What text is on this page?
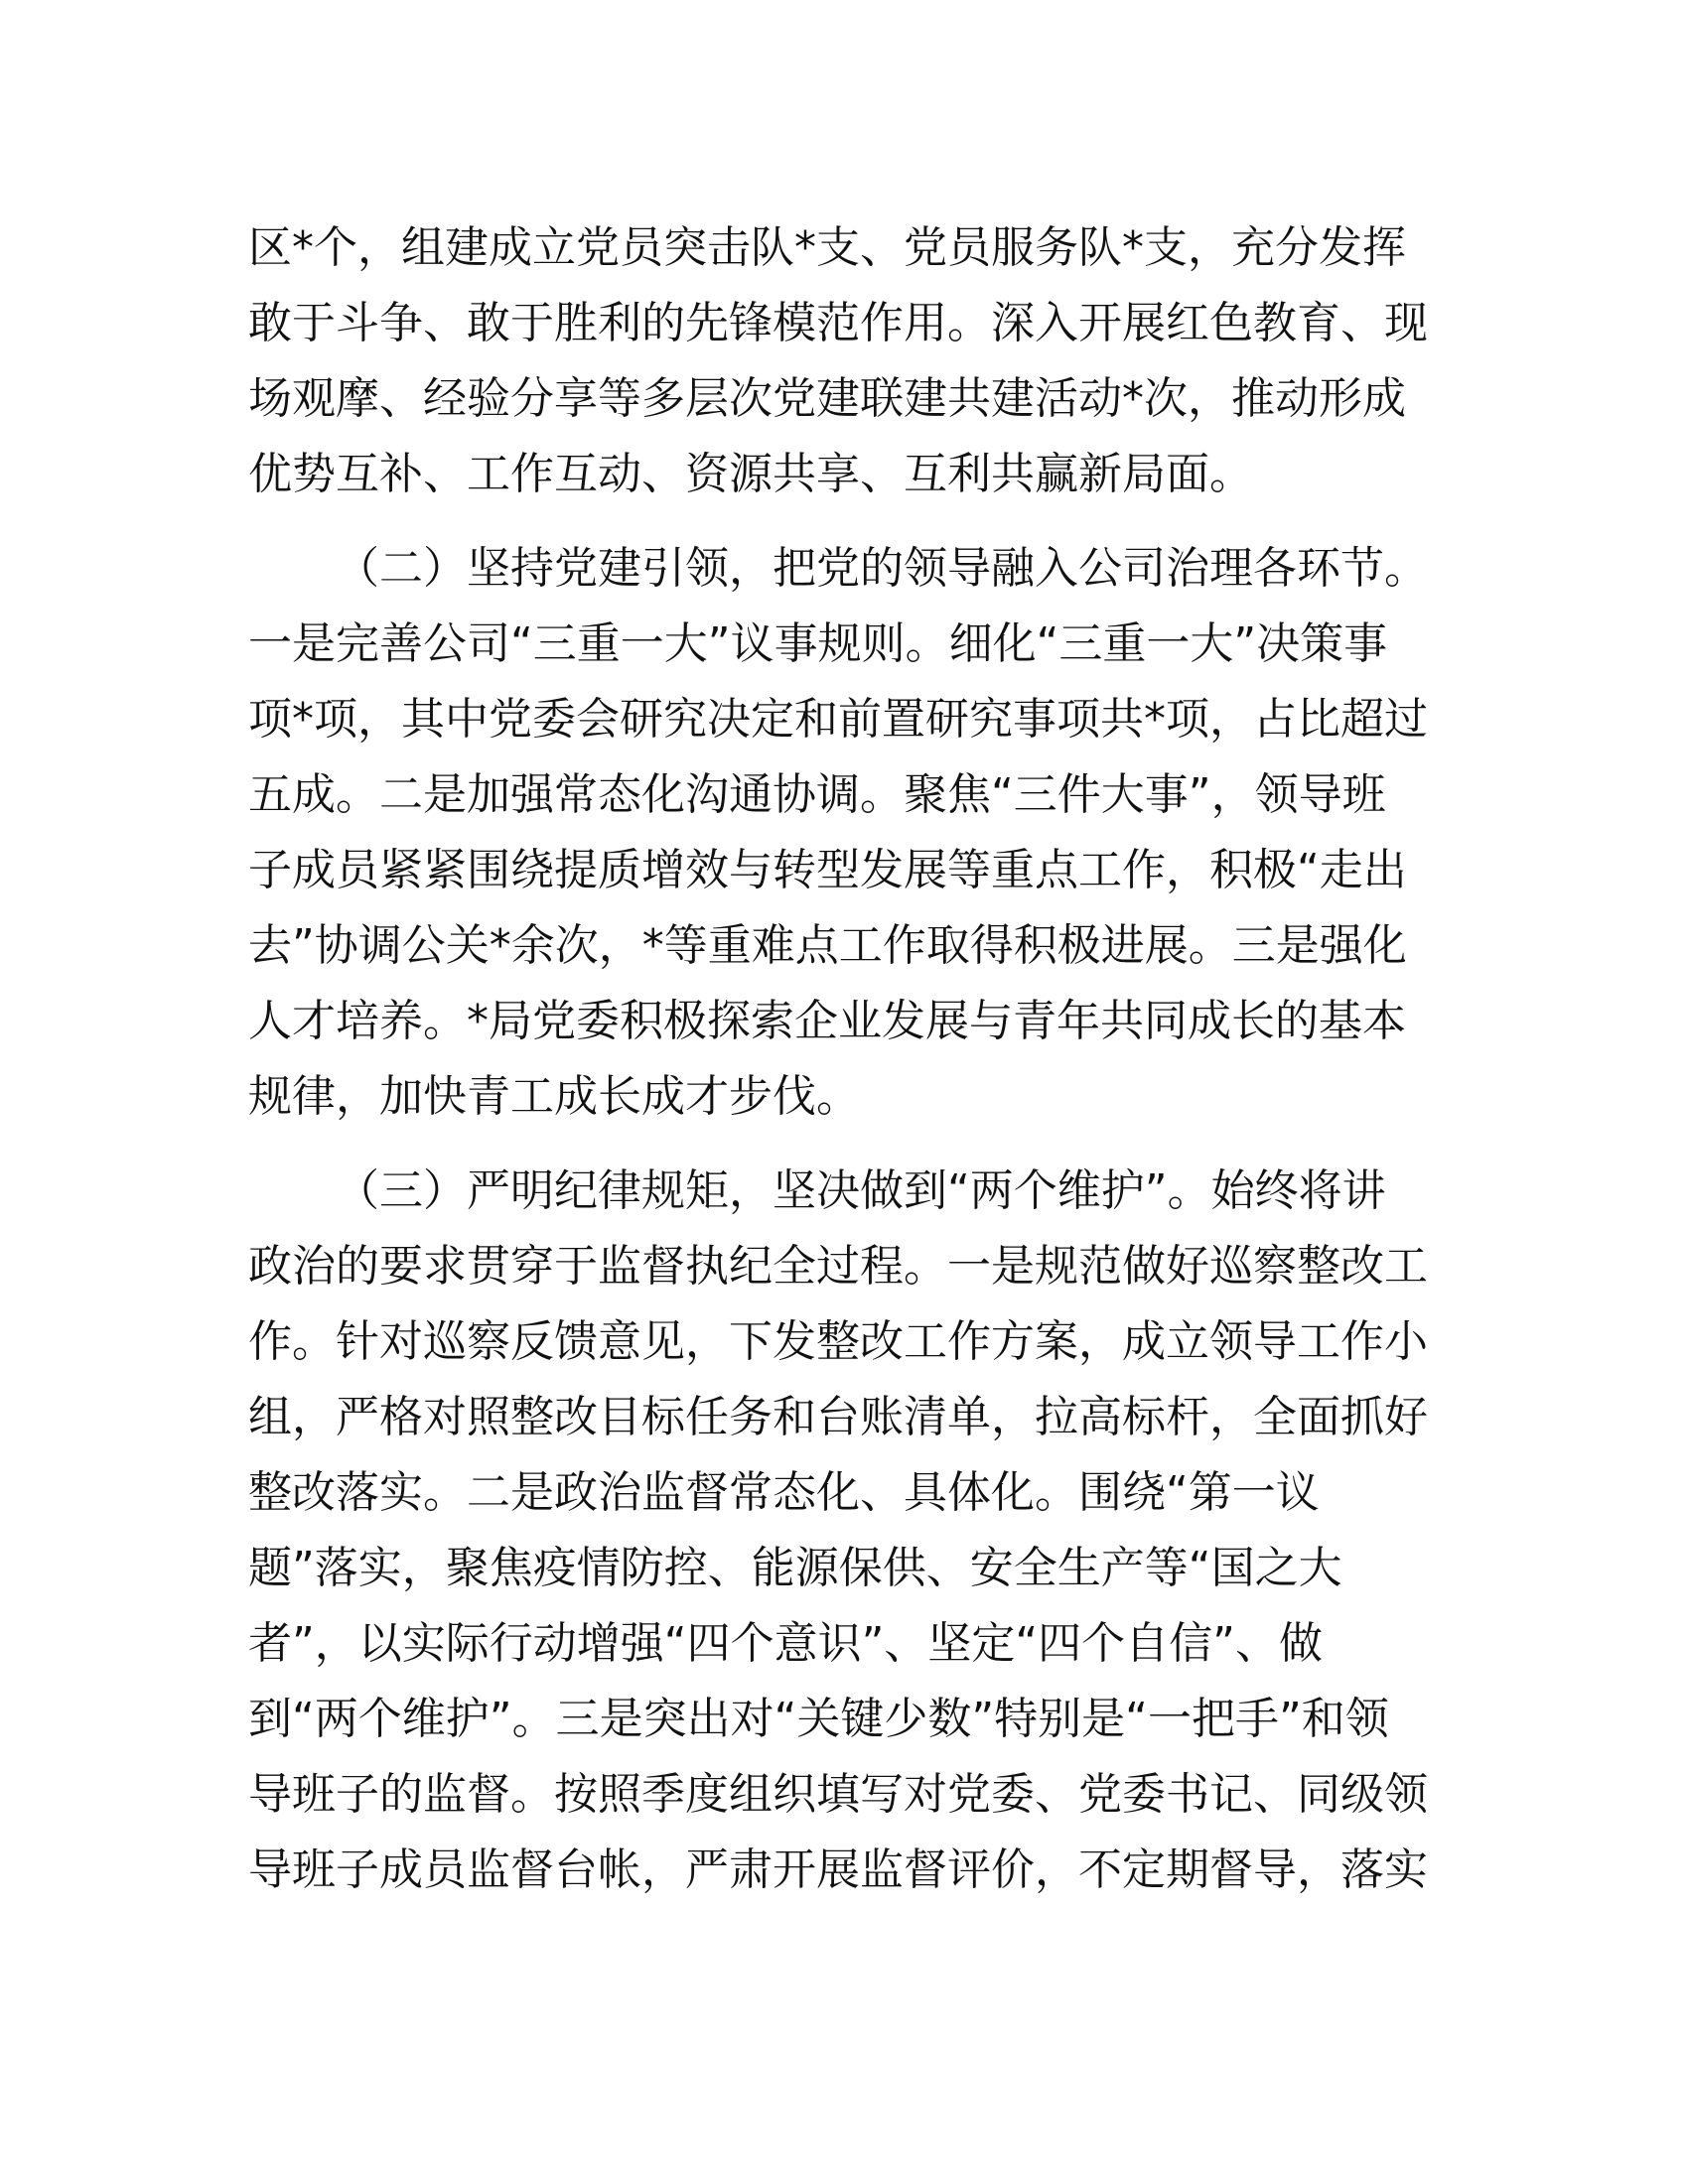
区*个，组建成立党员突击队*支、党员服务队*支，充分发挥
敢于斗争、敢于胜利的先锋模范作用。深入开展红色教育、现
场观摩、经验分享等多层次党建联建共建活动*次，推动形成
优势互补、工作互动、资源共享、互利共赢新局面。
（二）坚持党建引领，把党的领导融入公司治理各环节。
一是完善公司“三重一大”议事规则。细化“三重一大”决策事
项*项，其中党委会研究决定和前置研究事项共*项，占比超过
五成。二是加强常态化沟通协调。聚焦“三件大事”，领导班
子成员紧紧围绕提质增效与转型发展等重点工作，积极“走出
去”协调公关*余次，*等重难点工作取得积极进展。三是强化
人才培养。*局党委积极探索企业发展与青年共同成长的基本
规律，加快青工成长成才步伐。
（三）严明纪律规矩，坚决做到“两个维护”。始终将讲
政治的要求贯穿于监督执纪全过程。一是规范做好巡察整改工
作。针对巡察反馈意见，下发整改工作方案，成立领导工作小
组，严格对照整改目标任务和台账清单，拉高标杆，全面抓好
整改落实。二是政治监督常态化、具体化。围绕“第一议
题”落实，聚焦疫情防控、能源保供、安全生产等“国之大
者”，以实际行动增强“四个意识”、坚定“四个自信”、做
到“两个维护”。三是突出对“关键少数”特别是“一把手”和领
导班子的监督。按照季度组织填写对党委、党委书记、同级领
导班子成员监督台帐，严肃开展监督评价，不定期督导，落实
